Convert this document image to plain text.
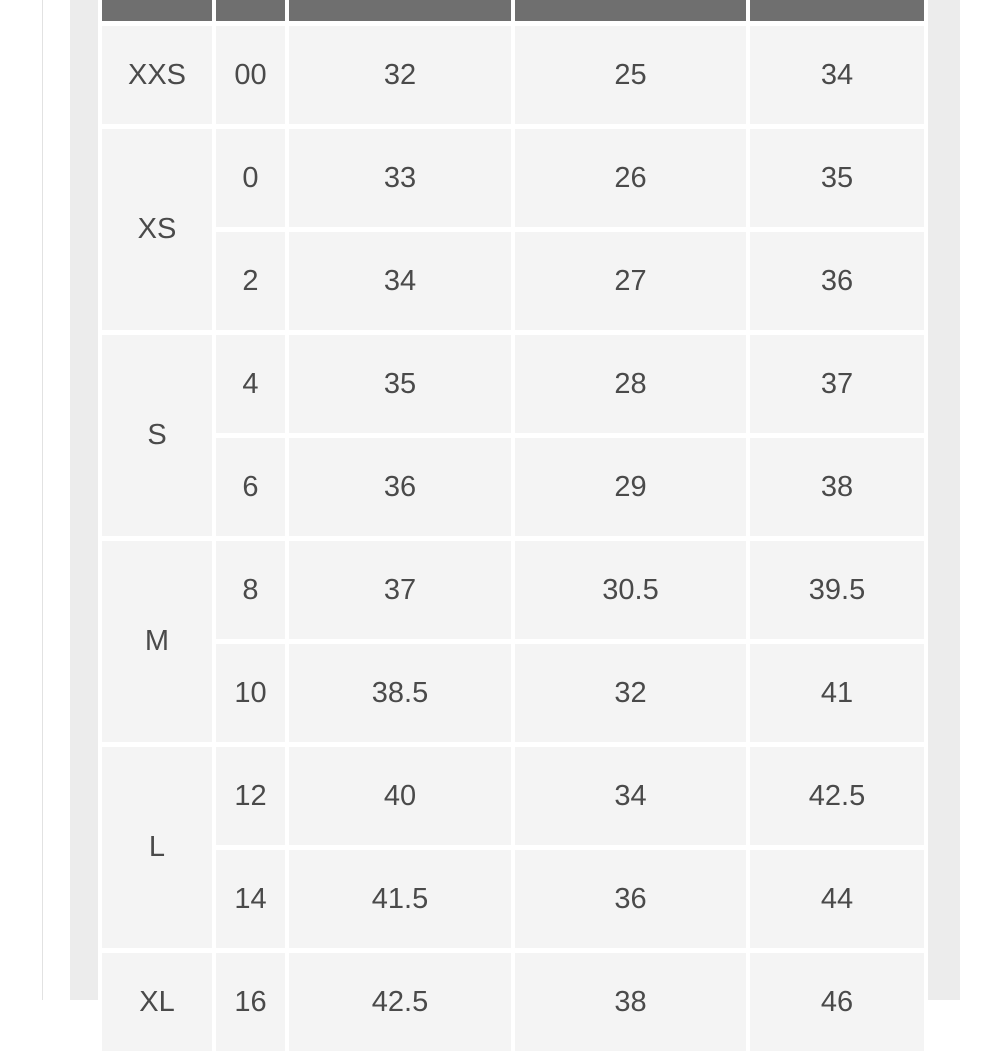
XXS	00	32	25	34
XS	0	33	26	35
	2	34	27	36
S	4	35	28	37
	6	36	29	38
M	8	37	30.5	39.5
	10	38.5	32	41
L	12	40	34	42.5
	14	41.5	36	44
XL	16	42.5	38	46
